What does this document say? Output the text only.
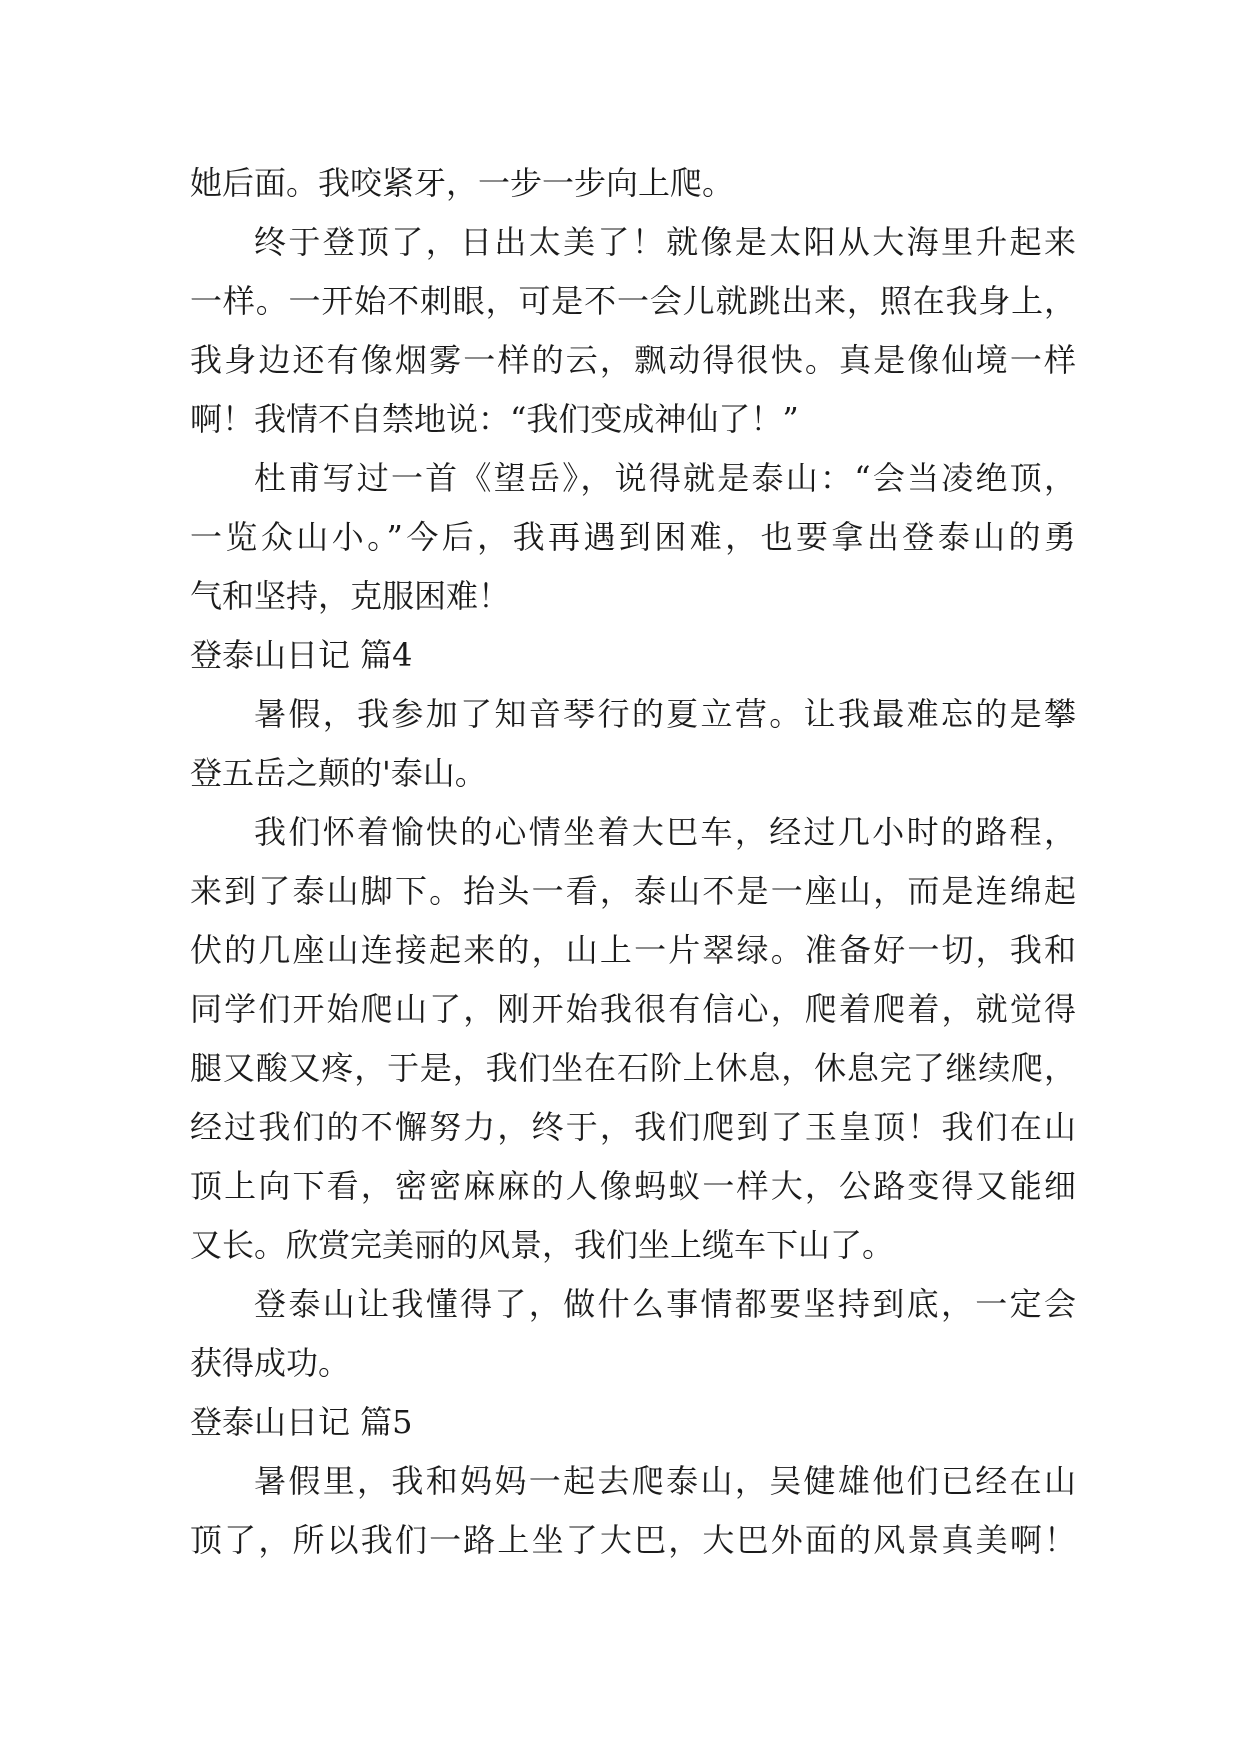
她后面。我咬紧牙，一步一步向上爬。
终于登顶了，日出太美了！就像是太阳从大海里升起来
一样。一开始不刺眼，可是不一会儿就跳出来，照在我身上，
我身边还有像烟雾一样的云，飘动得很快。真是像仙境一样
啊！我情不自禁地说：“我们变成神仙了！”
杜甫写过一首《望岳》，说得就是泰山：“会当凌绝顶，
一览众山小。”今后，我再遇到困难，也要拿出登泰山的勇
气和坚持，克服困难！
登泰山日记 篇4
暑假，我参加了知音琴行的夏立营。让我最难忘的是攀
登五岳之颠的'泰山。
我们怀着愉快的心情坐着大巴车，经过几小时的路程，
来到了泰山脚下。抬头一看，泰山不是一座山，而是连绵起
伏的几座山连接起来的，山上一片翠绿。准备好一切，我和
同学们开始爬山了，刚开始我很有信心，爬着爬着，就觉得
腿又酸又疼，于是，我们坐在石阶上休息，休息完了继续爬，
经过我们的不懈努力，终于，我们爬到了玉皇顶！我们在山
顶上向下看，密密麻麻的人像蚂蚁一样大，公路变得又能细
又长。欣赏完美丽的风景，我们坐上缆车下山了。
登泰山让我懂得了，做什么事情都要坚持到底，一定会
获得成功。
登泰山日记 篇5
暑假里，我和妈妈一起去爬泰山，吴健雄他们已经在山
顶了，所以我们一路上坐了大巴，大巴外面的风景真美啊！
